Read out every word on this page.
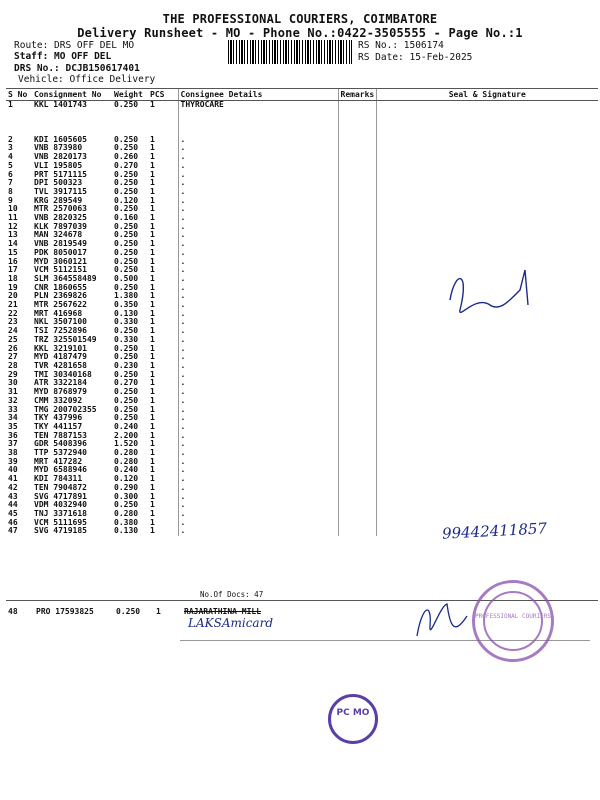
THE PROFESSIONAL COURIERS, COIMBATORE
Delivery Runsheet - MO - Phone No.:0422-3505555 - Page No.:1
Route: DRS OFF DEL MO
Staff: MO OFF DEL
DRS No.: DCJB150617401
Vehicle: Office Delivery
RS No.: 1506174
RS Date: 15-Feb-2025
S No	Consignment No	Weight	PCS	Consignee Details	Remarks	Seal & Signature
1	KKL 1401743	0.250	1	THYROCARE		

2	KDI 1605605	0.250	1	.		
3	VNB 873980	0.250	1	.		
4	VNB 2820173	0.260	1	.		
5	VLI 195805	0.270	1	.		
6	PRT 5171115	0.250	1	.		
7	DPI 500323	0.250	1	.		
8	TVL 3917115	0.250	1	.		
9	KRG 289549	0.120	1	.		
10	MTR 2570063	0.250	1	.		
11	VNB 2820325	0.160	1	.		
12	KLK 7897039	0.250	1	.		
13	MAN 324678	0.250	1	.		
14	VNB 2819549	0.250	1	.		
15	PDK 8050017	0.250	1	.		
16	MYD 3060121	0.250	1	.		
17	VCM 5112151	0.250	1	.		
18	SLM 364558489	0.500	1	.		
19	CNR 1860655	0.250	1	.		
20	PLN 2369826	1.380	1	.		
21	MTR 2567622	0.350	1	.		
22	MRT 416968	0.130	1	.		
23	NKL 3507100	0.330	1	.		
24	TSI 7252896	0.250	1	.		
25	TRZ 325501549	0.330	1	.		
26	KKL 3219101	0.250	1	.		
27	MYD 4187479	0.250	1	.		
28	TVR 4281658	0.230	1	.		
29	TMI 30340168	0.250	1	.		
30	ATR 3322184	0.270	1	.		
31	MYD 8768979	0.250	1	.		
32	CMM 332092	0.250	1	.		
33	TMG 200702355	0.250	1	.		
34	TKY 437996	0.250	1	.		
35	TKY 441157	0.240	1	.		
36	TEN 7887153	2.200	1	.		
37	GDR 5408396	1.520	1	.		
38	TTP 5372940	0.280	1	.		
39	MRT 417282	0.280	1	.		
40	MYD 6588946	0.240	1	.		
41	KDI 784311	0.120	1	.		
42	TEN 7904872	0.290	1	.		
43	SVG 4717891	0.300	1	.		
44	VDM 4032940	0.250	1	.		
45	TNJ 3371618	0.280	1	.		
46	VCM 5111695	0.380	1	.		
47	SVG 4719185	0.130	1	.		
No.Of Docs: 47
48 PRO 17593825	0.250 1	RAJARATHINA MILL
LAKSAmicard
99442411857
PROFESSIONAL COURIERS
PC MO
